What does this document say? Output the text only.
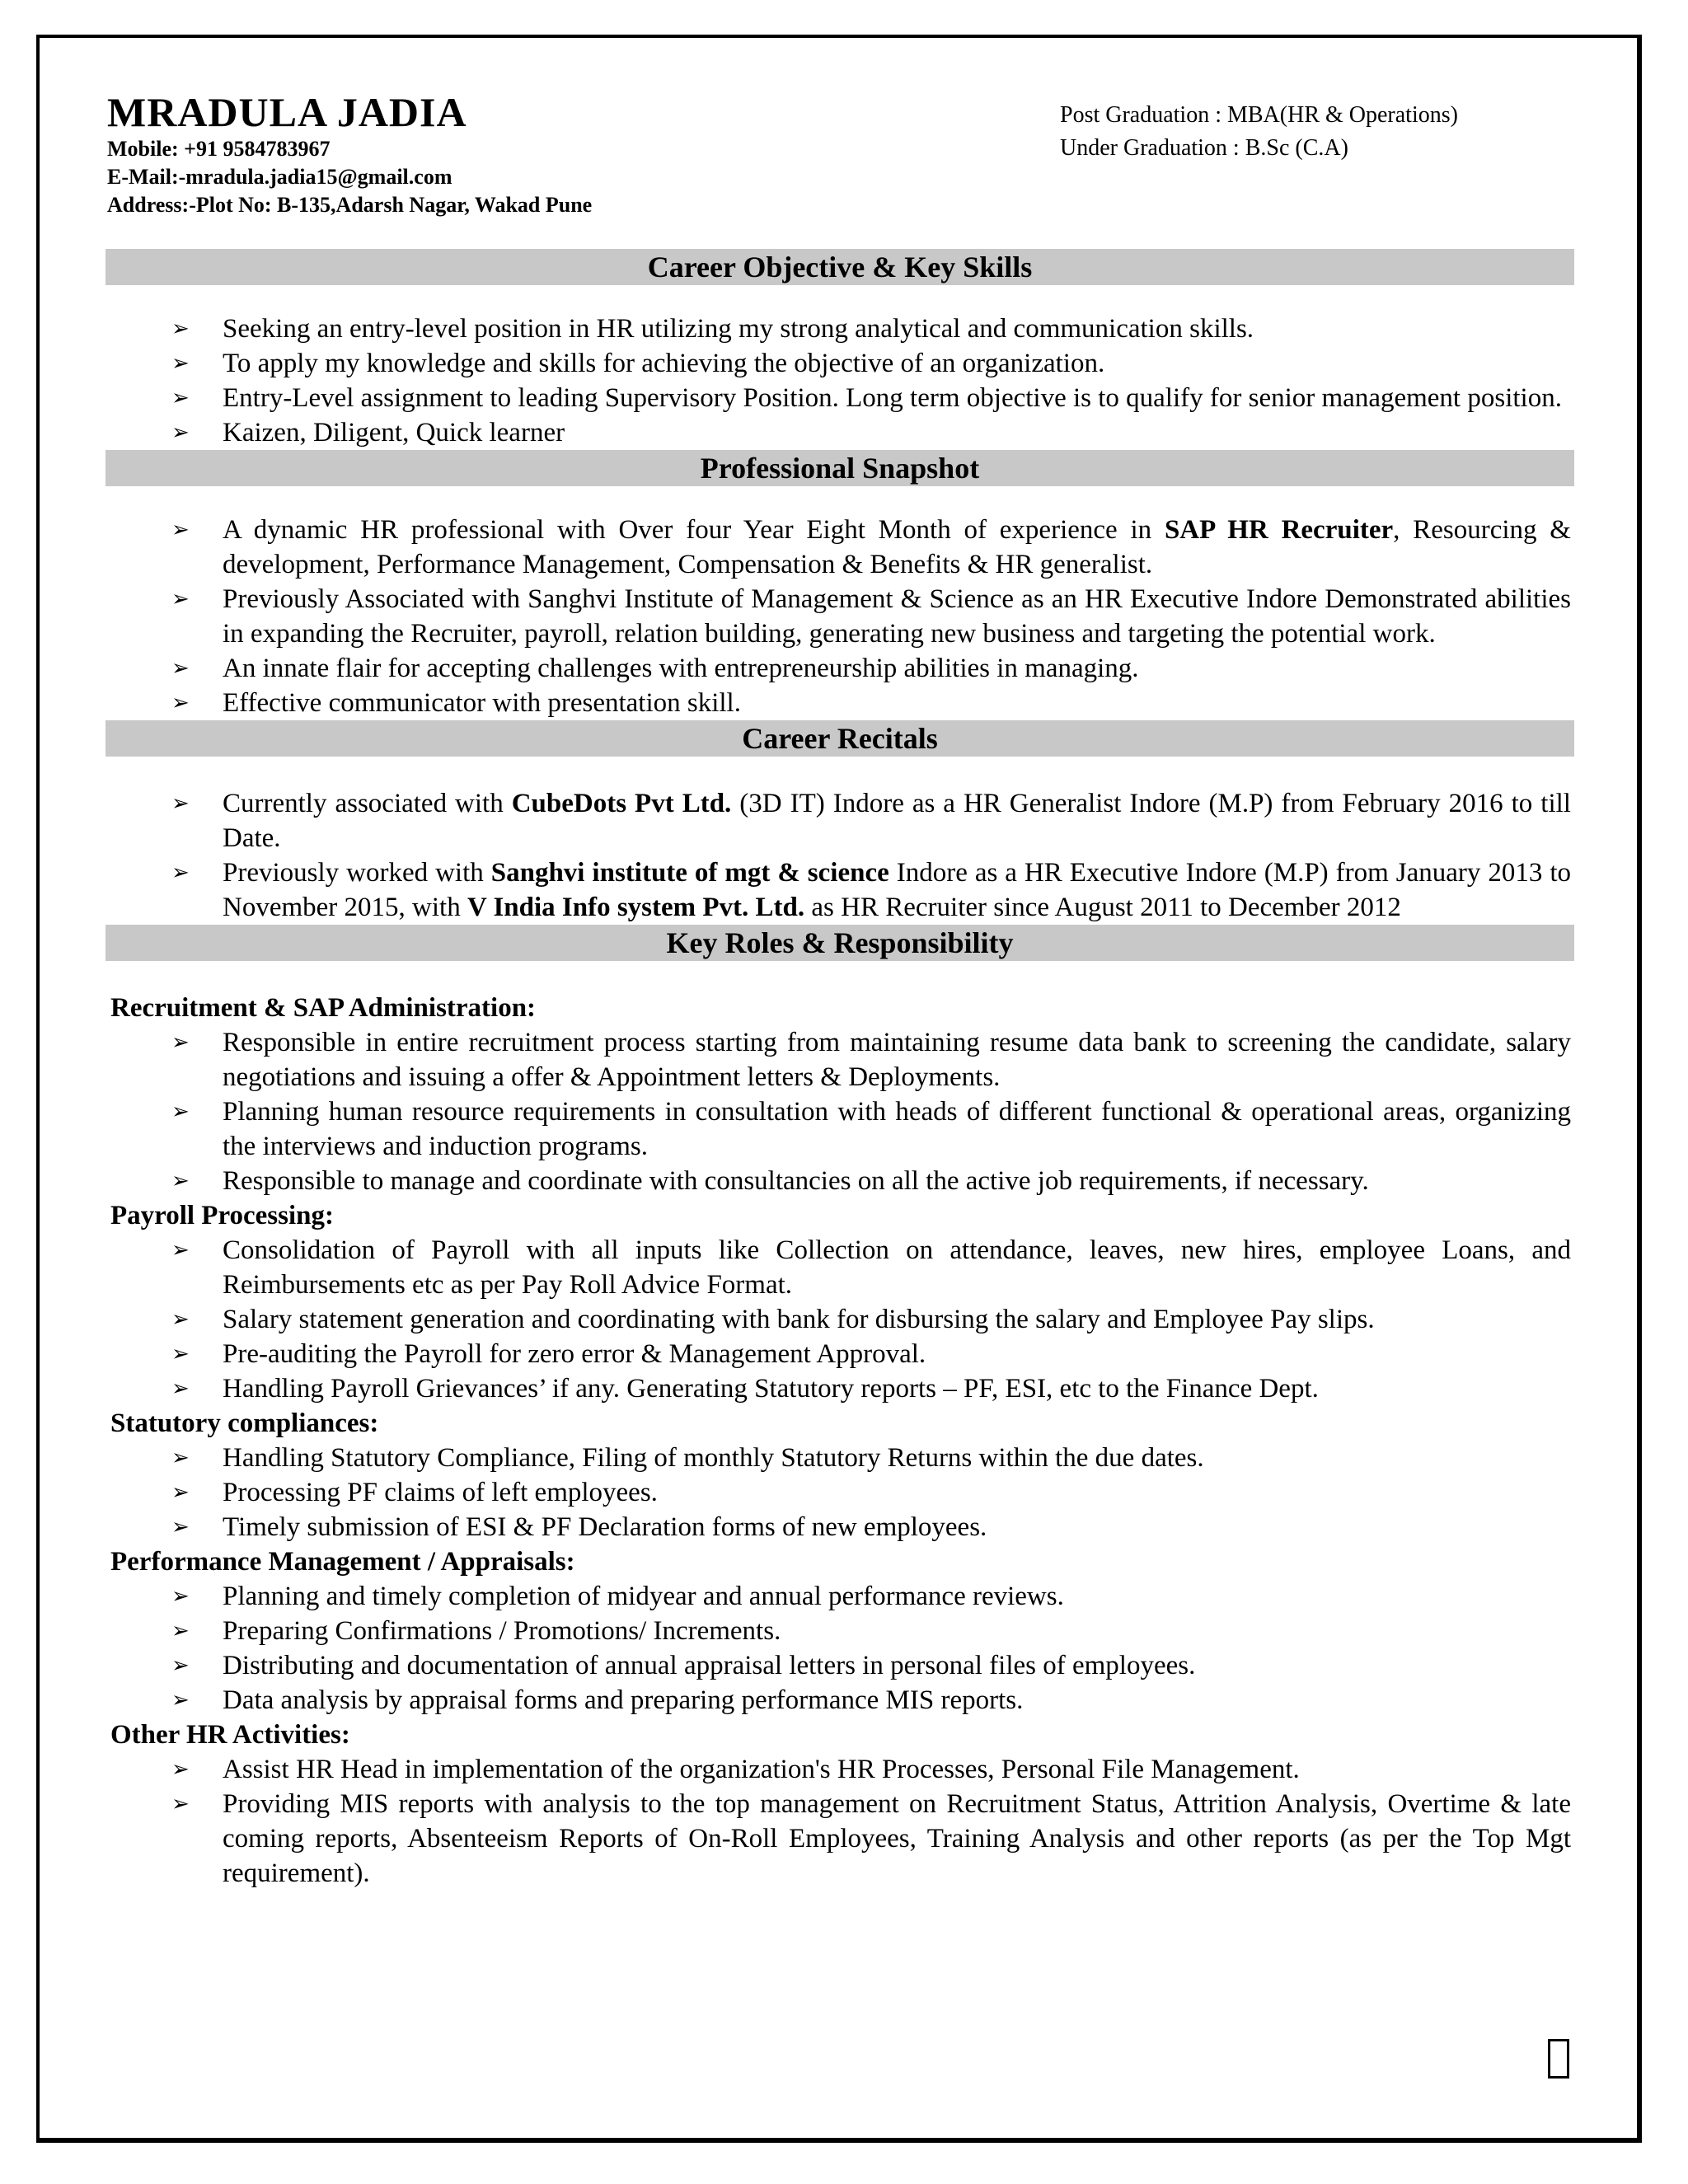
MRADULA JADIA
Mobile: +91 9584783967
E-Mail:-mradula.jadia15@gmail.com
Address:-Plot No: B-135,Adarsh Nagar, Wakad Pune
Post Graduation : MBA(HR & Operations)
Under Graduation : B.Sc (C.A)
Career Objective & Key Skills
➢ Seeking an entry-level position in HR utilizing my strong analytical and communication skills.
➢ To apply my knowledge and skills for achieving the objective of an organization.
➢ Entry-Level assignment to leading Supervisory Position. Long term objective is to qualify for senior management position.
➢ Kaizen, Diligent, Quick learner
Professional Snapshot
➢ A dynamic HR professional with Over four Year Eight Month of experience in SAP HR Recruiter, Resourcing & development, Performance Management, Compensation & Benefits & HR generalist.
➢ Previously Associated with Sanghvi Institute of Management & Science as an HR Executive Indore Demonstrated abilities in expanding the Recruiter, payroll, relation building, generating new business and targeting the potential work.
➢ An innate flair for accepting challenges with entrepreneurship abilities in managing.
➢ Effective communicator with presentation skill.
Career Recitals
➢ Currently associated with CubeDots Pvt Ltd. (3D IT) Indore as a HR Generalist Indore (M.P) from February 2016 to till Date.
➢ Previously worked with Sanghvi institute of mgt & science Indore as a HR Executive Indore (M.P) from January 2013 to November 2015, with V India Info system Pvt. Ltd. as HR Recruiter since August 2011 to December 2012
Key Roles & Responsibility
Recruitment & SAP Administration:
➢ Responsible in entire recruitment process starting from maintaining resume data bank to screening the candidate, salary negotiations and issuing a offer & Appointment letters & Deployments.
➢ Planning human resource requirements in consultation with heads of different functional & operational areas, organizing the interviews and induction programs.
➢ Responsible to manage and coordinate with consultancies on all the active job requirements, if necessary.
Payroll Processing:
➢ Consolidation of Payroll with all inputs like Collection on attendance, leaves, new hires, employee Loans, and Reimbursements etc as per Pay Roll Advice Format.
➢ Salary statement generation and coordinating with bank for disbursing the salary and Employee Pay slips.
➢ Pre-auditing the Payroll for zero error & Management Approval.
➢ Handling Payroll Grievances’ if any. Generating Statutory reports – PF, ESI, etc to the Finance Dept.
Statutory compliances:
➢ Handling Statutory Compliance, Filing of monthly Statutory Returns within the due dates.
➢ Processing PF claims of left employees.
➢ Timely submission of ESI & PF Declaration forms of new employees.
Performance Management / Appraisals:
➢ Planning and timely completion of midyear and annual performance reviews.
➢ Preparing Confirmations / Promotions/ Increments.
➢ Distributing and documentation of annual appraisal letters in personal files of employees.
➢ Data analysis by appraisal forms and preparing performance MIS reports.
Other HR Activities:
➢ Assist HR Head in implementation of the organization's HR Processes, Personal File Management.
➢ Providing MIS reports with analysis to the top management on Recruitment Status, Attrition Analysis, Overtime & late coming reports, Absenteeism Reports of On-Roll Employees, Training Analysis and other reports (as per the Top Mgt requirement).
